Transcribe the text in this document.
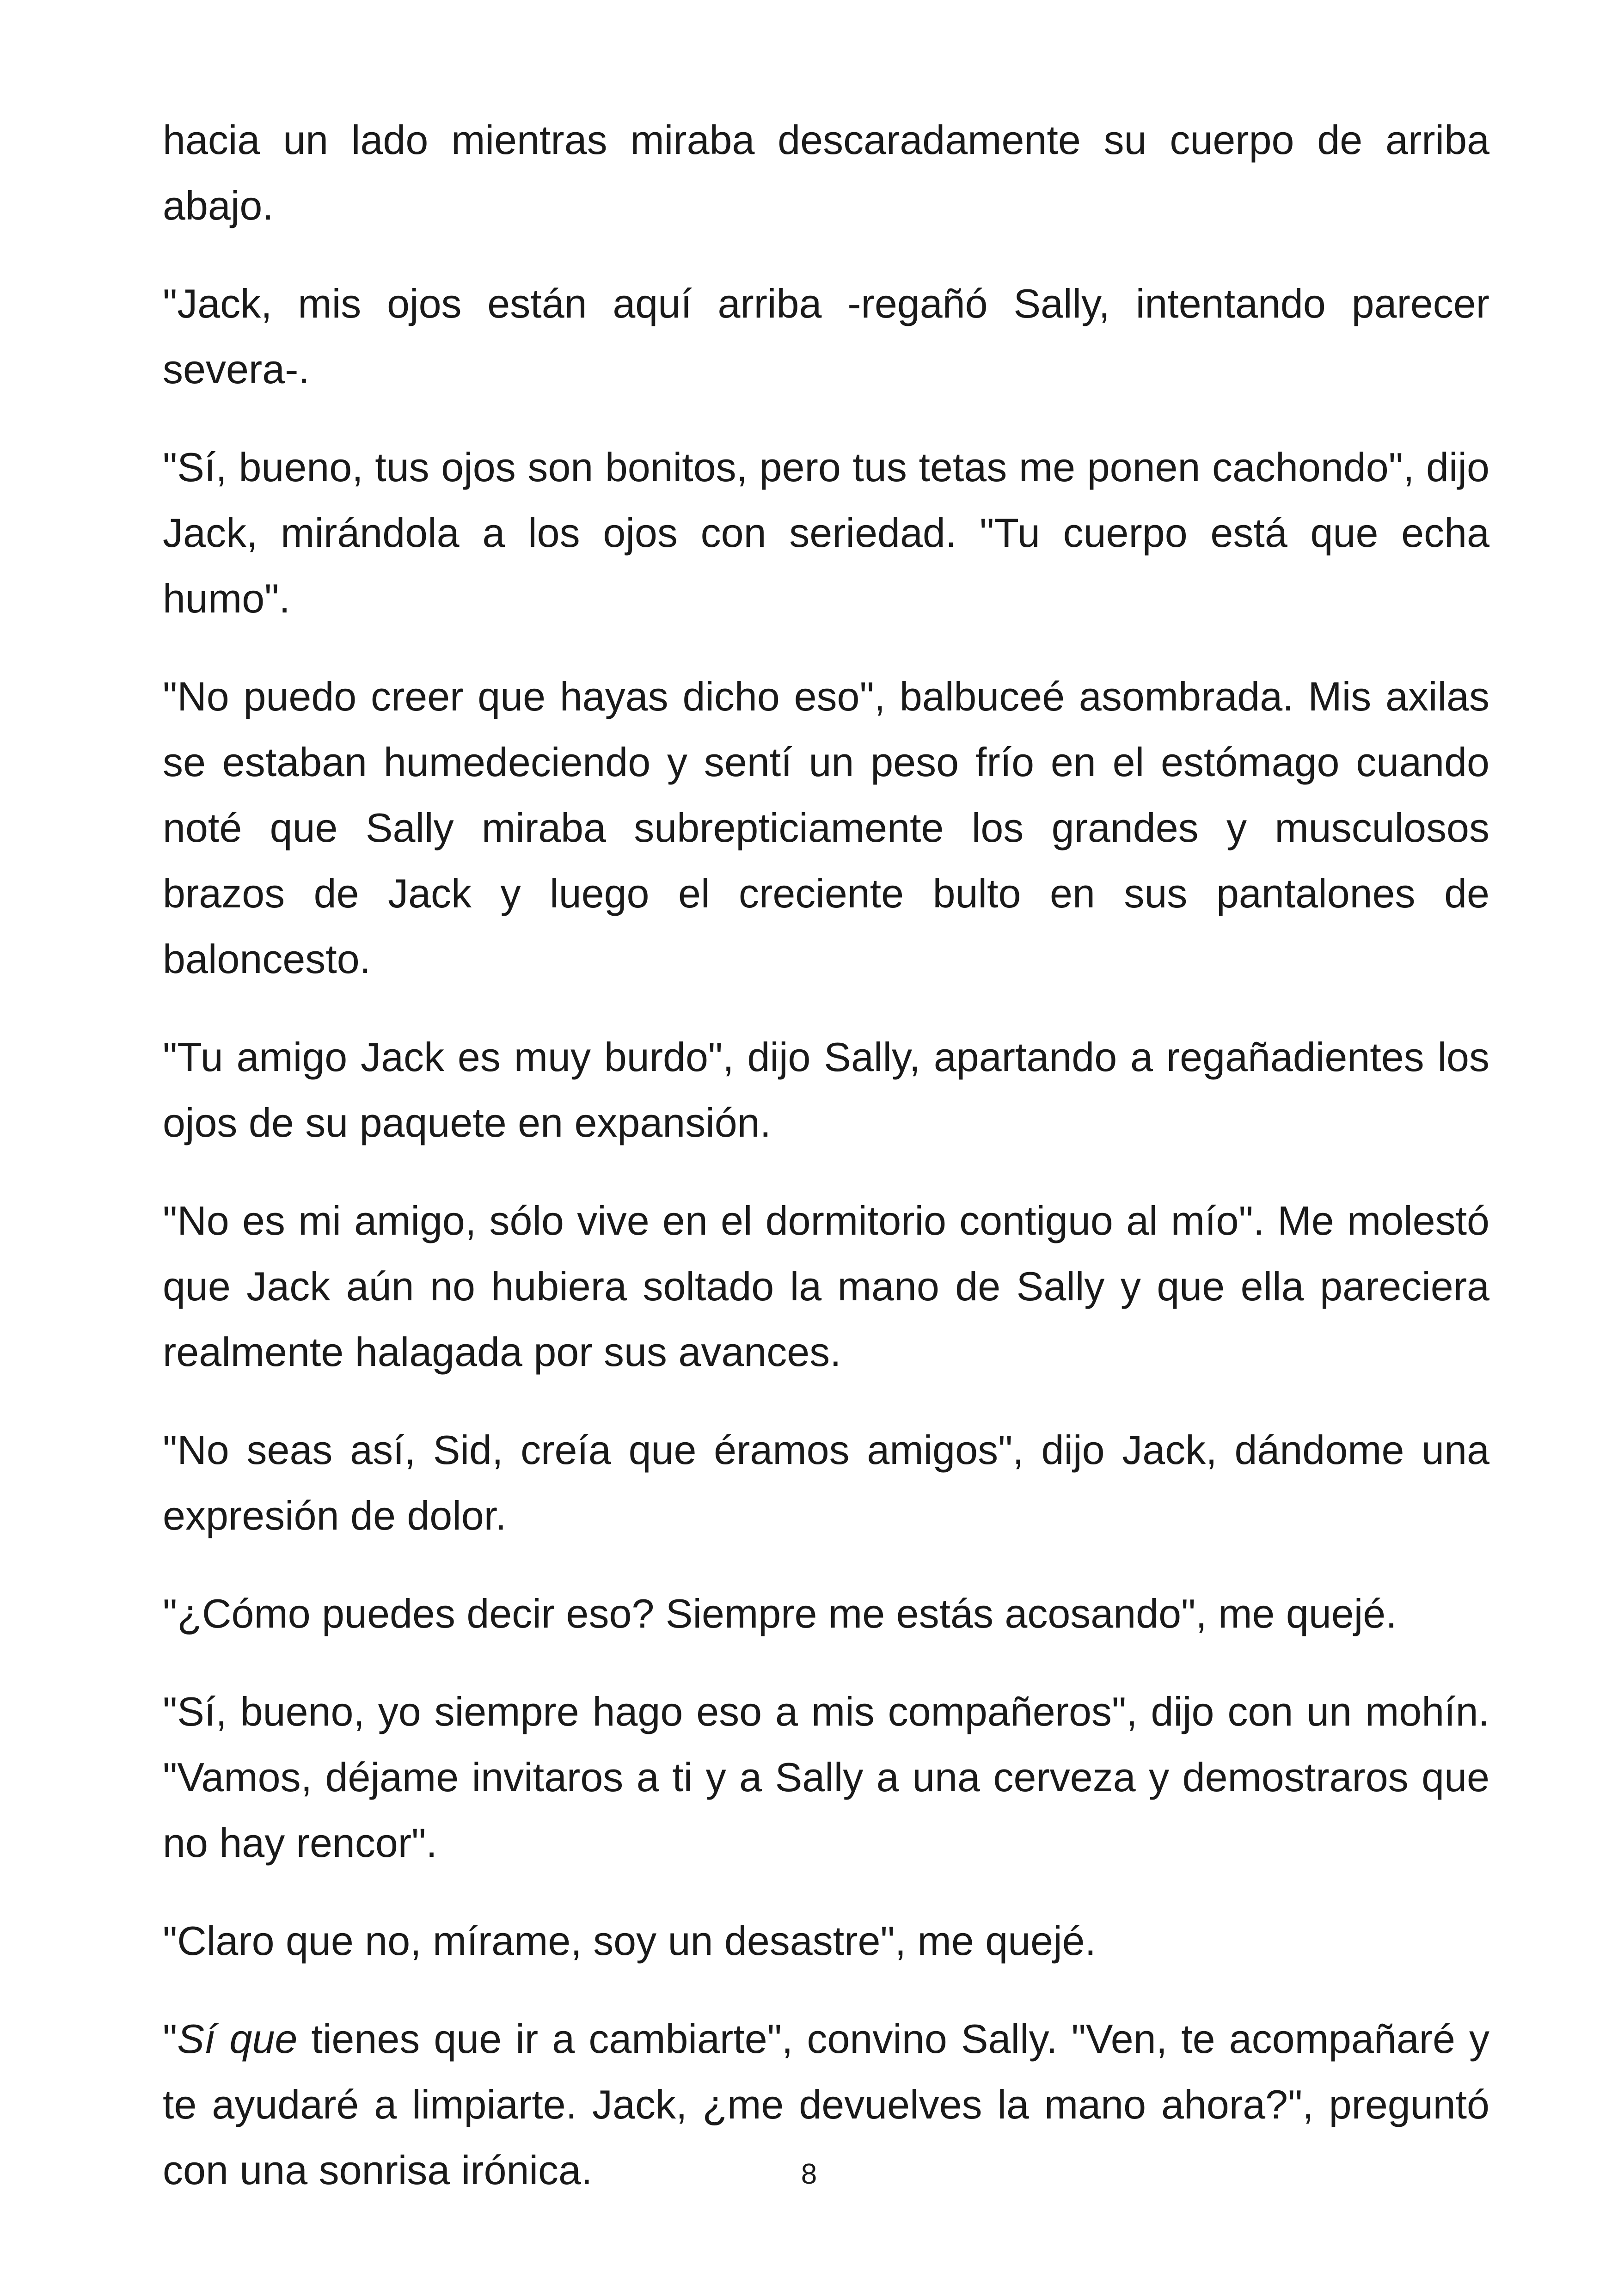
hacia un lado mientras miraba descaradamente su cuerpo de arriba abajo.

"Jack, mis ojos están aquí arriba -regañó Sally, intentando parecer severa-.

"Sí, bueno, tus ojos son bonitos, pero tus tetas me ponen cachondo", dijo Jack, mirándola a los ojos con seriedad. "Tu cuerpo está que echa humo".

"No puedo creer que hayas dicho eso", balbuceé asombrada. Mis axilas se estaban humedeciendo y sentí un peso frío en el estómago cuando noté que Sally miraba subrepticiamente los grandes y musculosos brazos de Jack y luego el creciente bulto en sus pantalones de baloncesto.

"Tu amigo Jack es muy burdo", dijo Sally, apartando a regañadientes los ojos de su paquete en expansión.

"No es mi amigo, sólo vive en el dormitorio contiguo al mío". Me molestó que Jack aún no hubiera soltado la mano de Sally y que ella pareciera realmente halagada por sus avances.

"No seas así, Sid, creía que éramos amigos", dijo Jack, dándome una expresión de dolor.

"¿Cómo puedes decir eso? Siempre me estás acosando", me quejé.

"Sí, bueno, yo siempre hago eso a mis compañeros", dijo con un mohín. "Vamos, déjame invitaros a ti y a Sally a una cerveza y demostraros que no hay rencor".

"Claro que no, mírame, soy un desastre", me quejé.

"Sí que tienes que ir a cambiarte", convino Sally. "Ven, te acompañaré y te ayudaré a limpiarte. Jack, ¿me devuelves la mano ahora?", preguntó con una sonrisa irónica.	8
